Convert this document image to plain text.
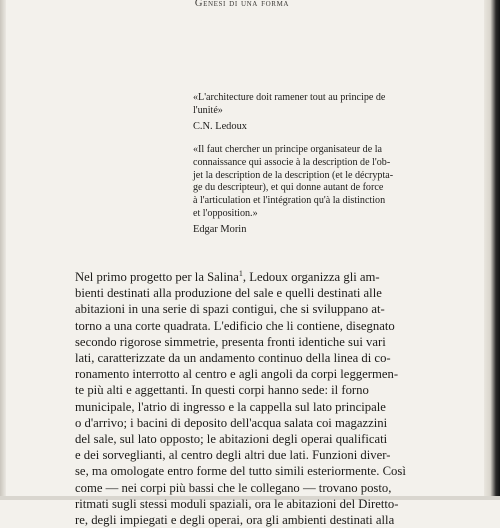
Genesi di una forma
«L'architecture doit ramener tout au principe de
l'unité»
C.N. Ledoux
«Il faut chercher un principe organisateur de la
connaissance qui associe à la description de l'ob-
jet la description de la description (et le décrypta-
ge du descripteur), et qui donne autant de force
à l'articulation et l'intégration qu'à la distinction
et l'opposition.»
Edgar Morin
Nel primo progetto per la Salina$^1$, Ledoux organizza gli am-
bienti destinati alla produzione del sale e quelli destinati alle
abitazioni in una serie di spazi contigui, che si sviluppano at-
torno a una corte quadrata. L'edificio che li contiene, disegnato
secondo rigorose simmetrie, presenta fronti identiche sui vari
lati, caratterizzate da un andamento continuo della linea di co-
ronamento interrotto al centro e agli angoli da corpi leggermen-
te più alti e aggettanti. In questi corpi hanno sede: il forno
municipale, l'atrio di ingresso e la cappella sul lato principale
o d'arrivo; i bacini di deposito dell'acqua salata coi magazzini
del sale, sul lato opposto; le abitazioni degli operai qualificati
e dei sorveglianti, al centro degli altri due lati. Funzioni diver-
se, ma omologate entro forme del tutto simili esteriormente. Così
come — nei corpi più bassi che le collegano — trovano posto,
ritmati sugli stessi moduli spaziali, ora le abitazioni del Diretto-
re, degli impiegati e degli operai, ora gli ambienti destinati alla
